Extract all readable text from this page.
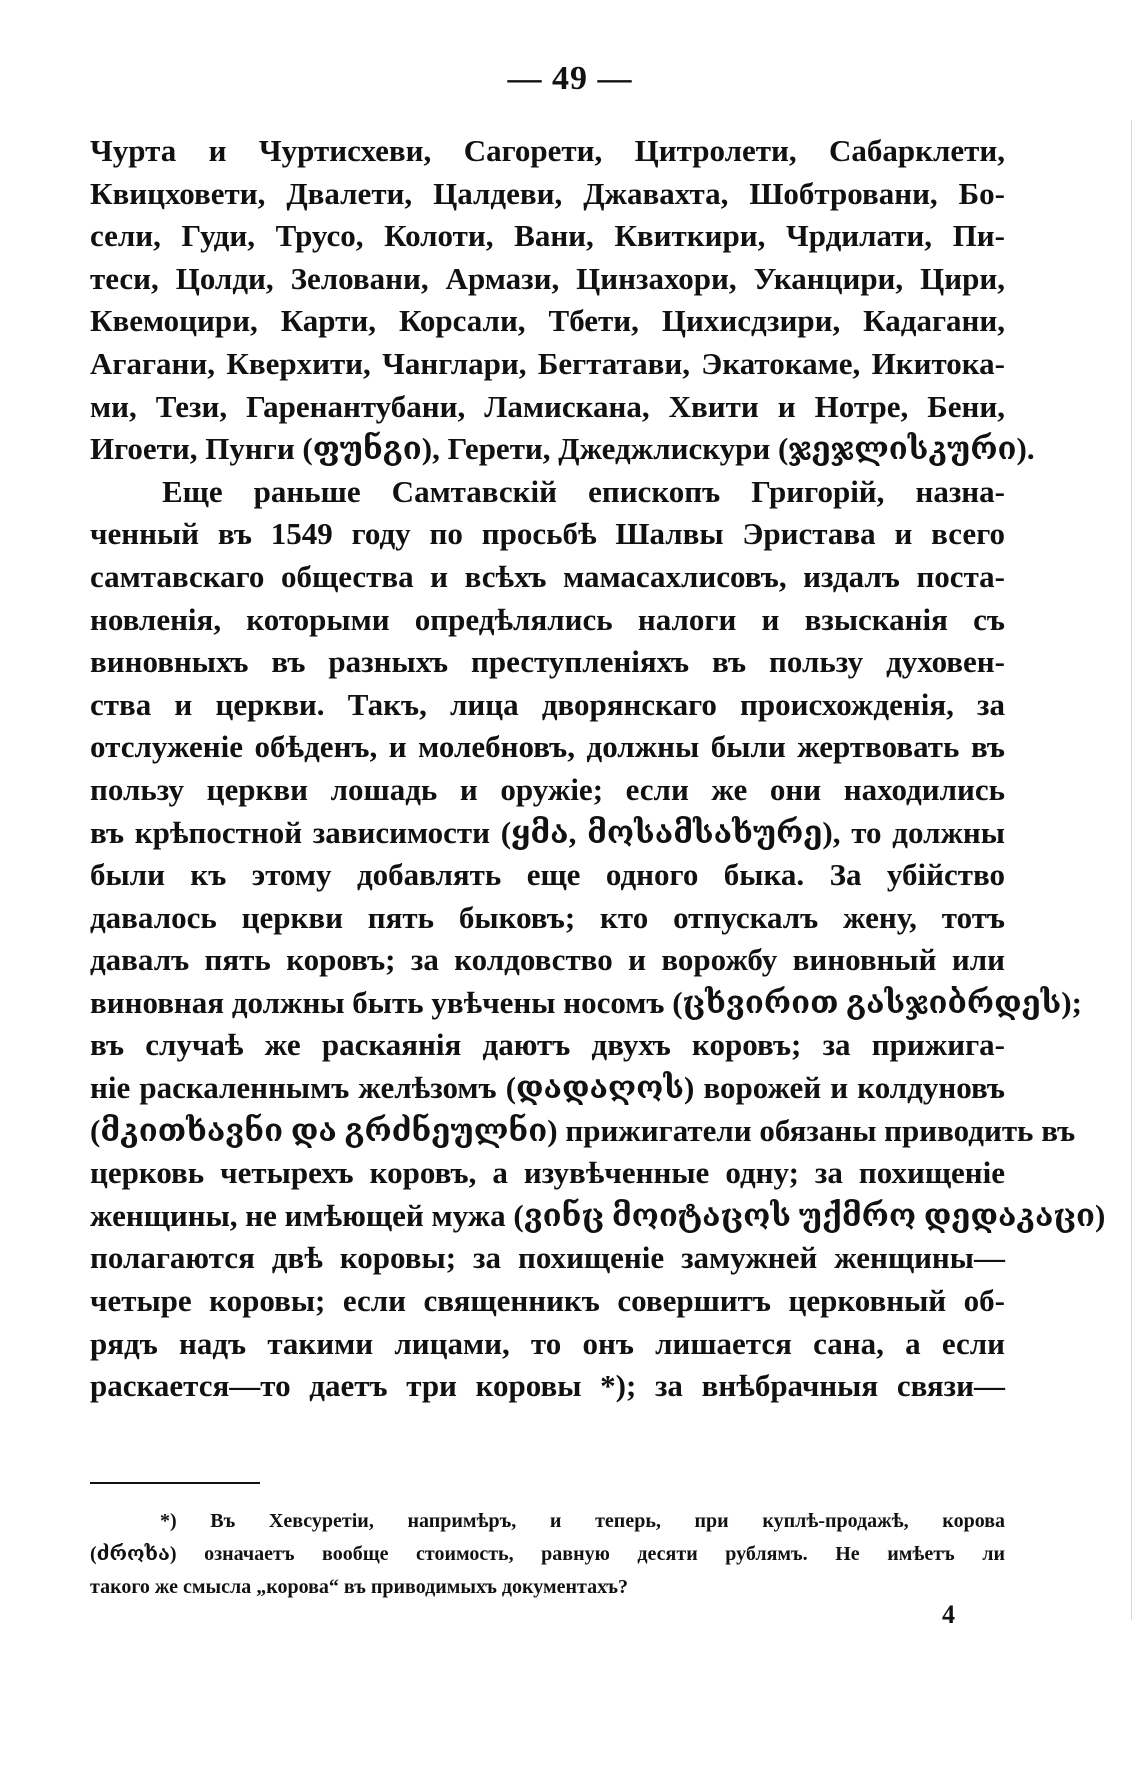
— 49 —
Чурта и Чуртисхеви, Сагорети, Цитролети, Сабарклети,
Квицховети, Двалети, Цалдеви, Джавахта, Шобтровани, Бо-
сели, Гуди, Трусо, Колоти, Вани, Квиткири, Чрдилати, Пи-
теси, Цолди, Зеловани, Армази, Цинзахори, Уканцири, Цири,
Квемоцири, Карти, Корсали, Тбети, Цихисдзири, Кадагани,
Агагани, Кверхити, Чанглари, Бегтатави, Экатокаме, Икитока-
ми, Тези, Гаренантубани, Ламискана, Хвити и Нотре, Бени,
Игоети, Пунги (ფუნგი), Герети, Джеджлискури (ჯეჯლისკური).
Еще раньше Самтавскій епископъ Григорій, назна-
ченный въ 1549 году по просьбѣ Шалвы Эристава и всего
самтавскаго общества и всѣхъ мамасахлисовъ, издалъ поста-
новленія, которыми опредѣлялись налоги и взысканія съ
виновныхъ въ разныхъ преступленіяхъ въ пользу духовен-
ства и церкви. Такъ, лица дворянскаго происхожденія, за
отслуженіе обѣденъ, и молебновъ, должны были жертвовать въ
пользу церкви лошадь и оружіе; если же они находились
въ крѣпостной зависимости (ყმა, მოსამსახურე), то должны
были къ этому добавлять еще одного быка. За убійство
давалось церкви пять быковъ; кто отпускалъ жену, тотъ
давалъ пять коровъ; за колдовство и ворожбу виновный или
виновная должны быть увѣчены носомъ (ცხვირით გასჯიბრდეს);
въ случаѣ же раскаянія даютъ двухъ коровъ; за прижига-
ніе раскаленнымъ желѣзомъ (დადაღოს) ворожей и колдуновъ
(მკითხავნი და გრძნეულნი) прижигатели обязаны приводить въ
церковь четырехъ коровъ, а изувѣченные одну; за похищеніе
женщины, не имѣющей мужа (ვინც მოიტაცოს უქმრო დედაკაცი)
полагаются двѣ коровы; за похищеніе замужней женщины—
четыре коровы; если священникъ совершитъ церковный об-
рядъ надъ такими лицами, то онъ лишается сана, а если
раскается—то даетъ три коровы *); за внѣбрачныя связи—
*) Въ Хевсуретіи, напримѣръ, и теперь, при куплѣ-продажѣ, корова
(ძროხა) означаетъ вообще стоимость, равную десяти рублямъ. Не имѣетъ ли
такого же смысла „корова“ въ приводимыхъ документахъ?
4
